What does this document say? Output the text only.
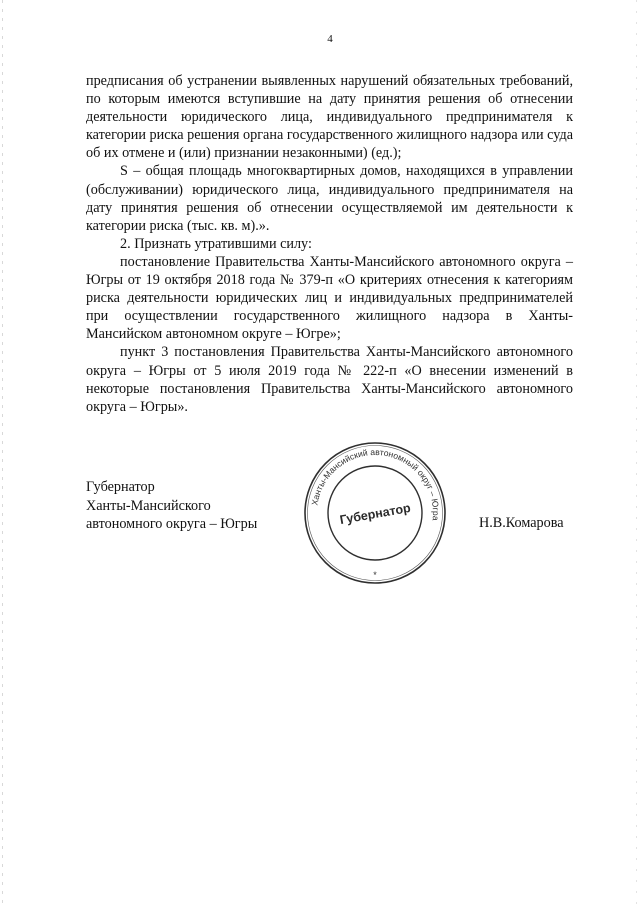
4

предписания об устранении выявленных нарушений обязательных требований, по которым имеются вступившие на дату принятия решения об отнесении деятельности юридического лица, индивидуального предпринимателя к категории риска решения органа государственного жилищного надзора или суда об их отмене и (или) признании незаконными) (ед.);

S – общая площадь многоквартирных домов, находящихся в управлении (обслуживании) юридического лица, индивидуального предпринимателя на дату принятия решения об отнесении осуществляемой им деятельности к категории риска (тыс. кв. м).».

2. Признать утратившими силу:

постановление Правительства Ханты-Мансийского автономного округа – Югры от 19 октября 2018 года № 379-п «О критериях отнесения к категориям риска деятельности юридических лиц и индивидуальных предпринимателей при осуществлении государственного жилищного надзора в Ханты-Мансийском автономном округе – Югре»;

пункт 3 постановления Правительства Ханты-Мансийского автономного округа – Югры от 5 июля 2019 года № 222-п «О внесении изменений в некоторые постановления Правительства Ханты-Мансийского автономного округа – Югры».

Губернатор
Ханты-Мансийского
автономного округа – Югры
Ханты-Мансийский автономный округ – Югра
Губернатор
*
Н.В.Комарова
